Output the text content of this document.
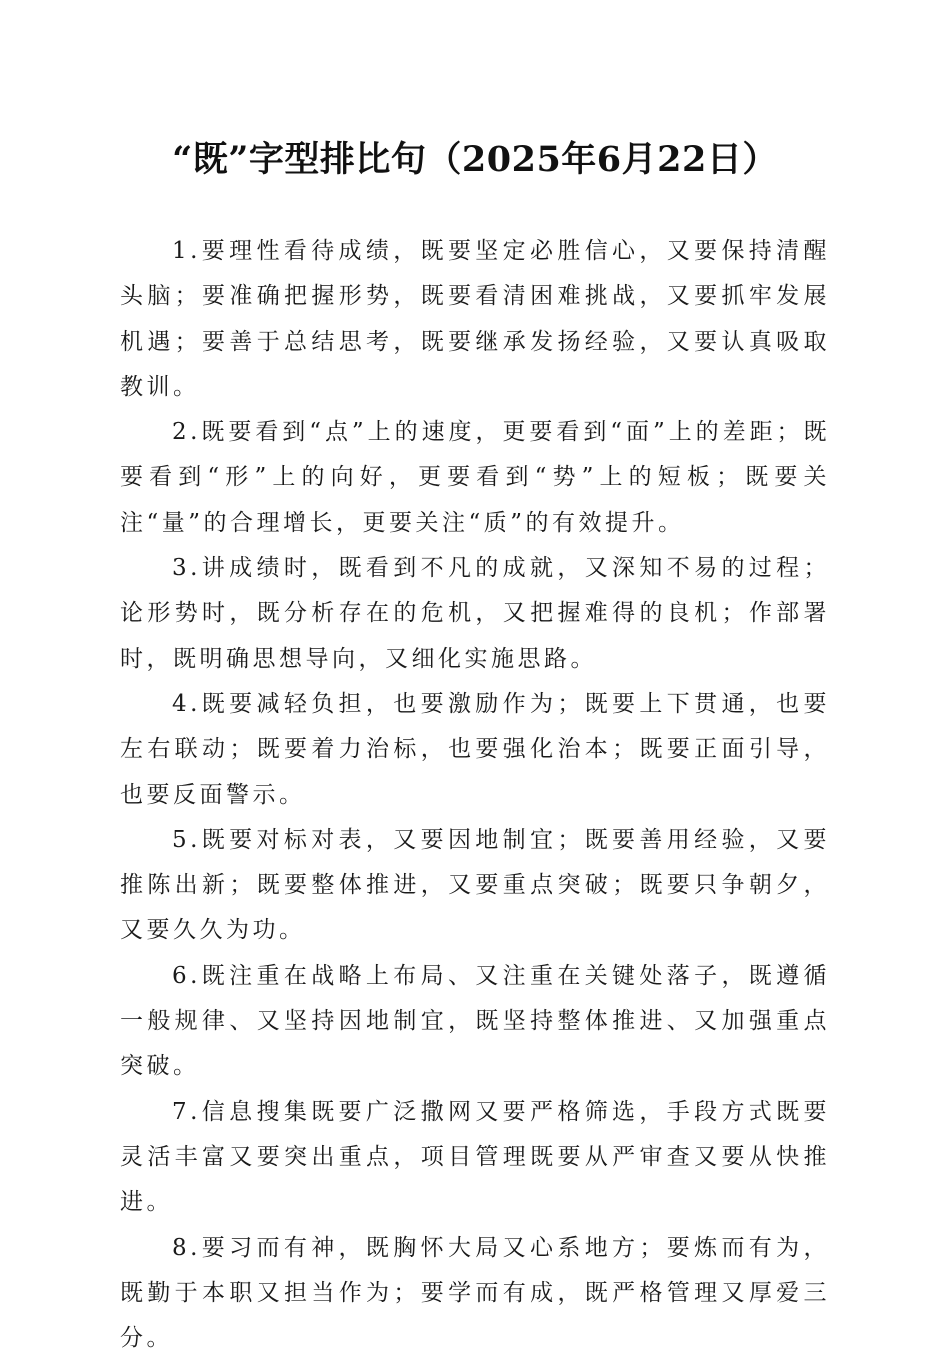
“既”字型排比句（2025年6月22日）

1.要理性看待成绩，既要坚定必胜信心，又要保持清醒头脑；要准确把握形势，既要看清困难挑战，又要抓牢发展机遇；要善于总结思考，既要继承发扬经验，又要认真吸取教训。

2.既要看到“点”上的速度，更要看到“面”上的差距；既要看到“形”上的向好，更要看到“势”上的短板；既要关注“量”的合理增长，更要关注“质”的有效提升。

3.讲成绩时，既看到不凡的成就，又深知不易的过程；论形势时，既分析存在的危机，又把握难得的良机；作部署时，既明确思想导向，又细化实施思路。

4.既要减轻负担，也要激励作为；既要上下贯通，也要左右联动；既要着力治标，也要强化治本；既要正面引导，也要反面警示。

5.既要对标对表，又要因地制宜；既要善用经验，又要推陈出新；既要整体推进，又要重点突破；既要只争朝夕，又要久久为功。

6.既注重在战略上布局、又注重在关键处落子，既遵循一般规律、又坚持因地制宜，既坚持整体推进、又加强重点突破。

7.信息搜集既要广泛撒网又要严格筛选，手段方式既要灵活丰富又要突出重点，项目管理既要从严审查又要从快推进。

8.要习而有神，既胸怀大局又心系地方；要炼而有为，既勤于本职又担当作为；要学而有成，既严格管理又厚爱三分。
